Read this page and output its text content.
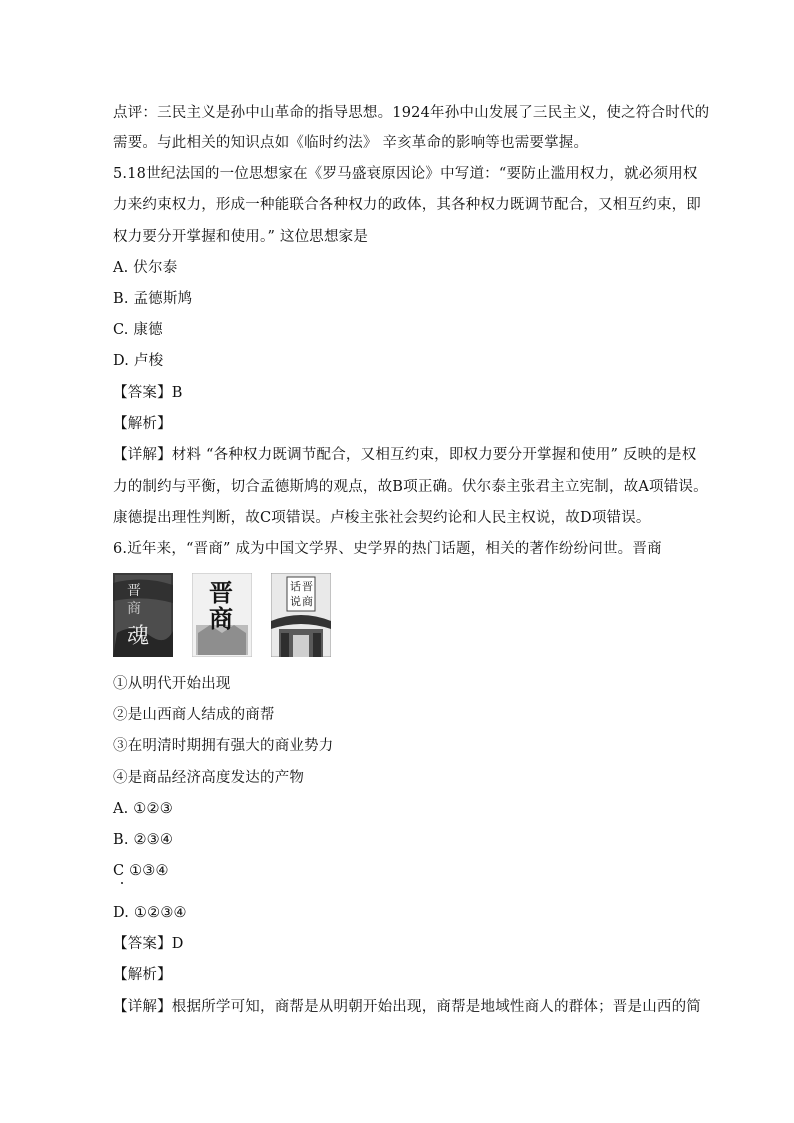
点评：三民主义是孙中山革命的指导思想。1924年孙中山发展了三民主义，使之符合时代的
需要。与此相关的知识点如《临时约法》 辛亥革命的影响等也需要掌握。
5.18世纪法国的一位思想家在《罗马盛衰原因论》中写道：“要防止滥用权力，就必须用权
力来约束权力，形成一种能联合各种权力的政体，其各种权力既调节配合，又相互约束，即
权力要分开掌握和使用。” 这位思想家是
A. 伏尔泰
B. 孟德斯鸠
C. 康德
D. 卢梭
【答案】B
【解析】
【详解】材料 “各种权力既调节配合，又相互约束，即权力要分开掌握和使用” 反映的是权
力的制约与平衡，切合孟德斯鸠的观点，故B项正确。伏尔泰主张君主立宪制，故A项错误。
康德提出理性判断，故C项错误。卢梭主张社会契约论和人民主权说，故D项错误。
6.近年来，“晋商” 成为中国文学界、史学界的热门话题，相关的著作纷纷问世。晋商
晋
商
魂
晋
商
话 晋
说 商
①从明代开始出现
②是山西商人结成的商帮
③在明清时期拥有强大的商业势力
④是商品经济高度发达的产物
A. ①②③
B. ②③④
C ①③④
D. ①②③④
【答案】D
【解析】
【详解】根据所学可知，商帮是从明朝开始出现，商帮是地域性商人的群体；晋是山西的简
